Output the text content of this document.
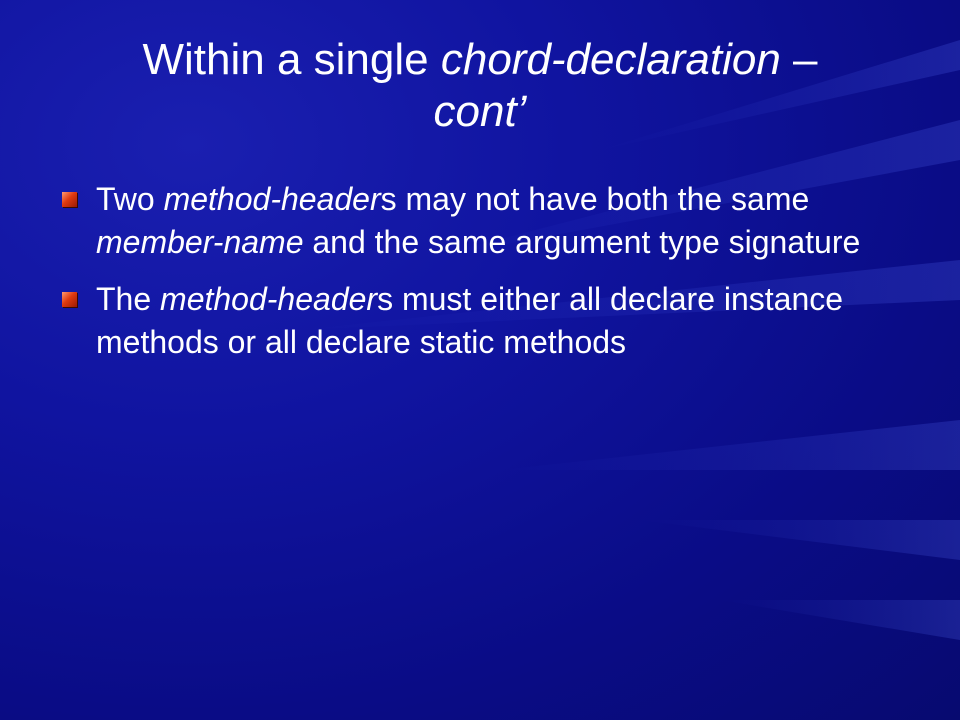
Within a single chord-declaration –
cont’
Two method-headers may not have both the same member-name and the same argument type signature
The method-headers must either all declare instance methods or all declare static methods
